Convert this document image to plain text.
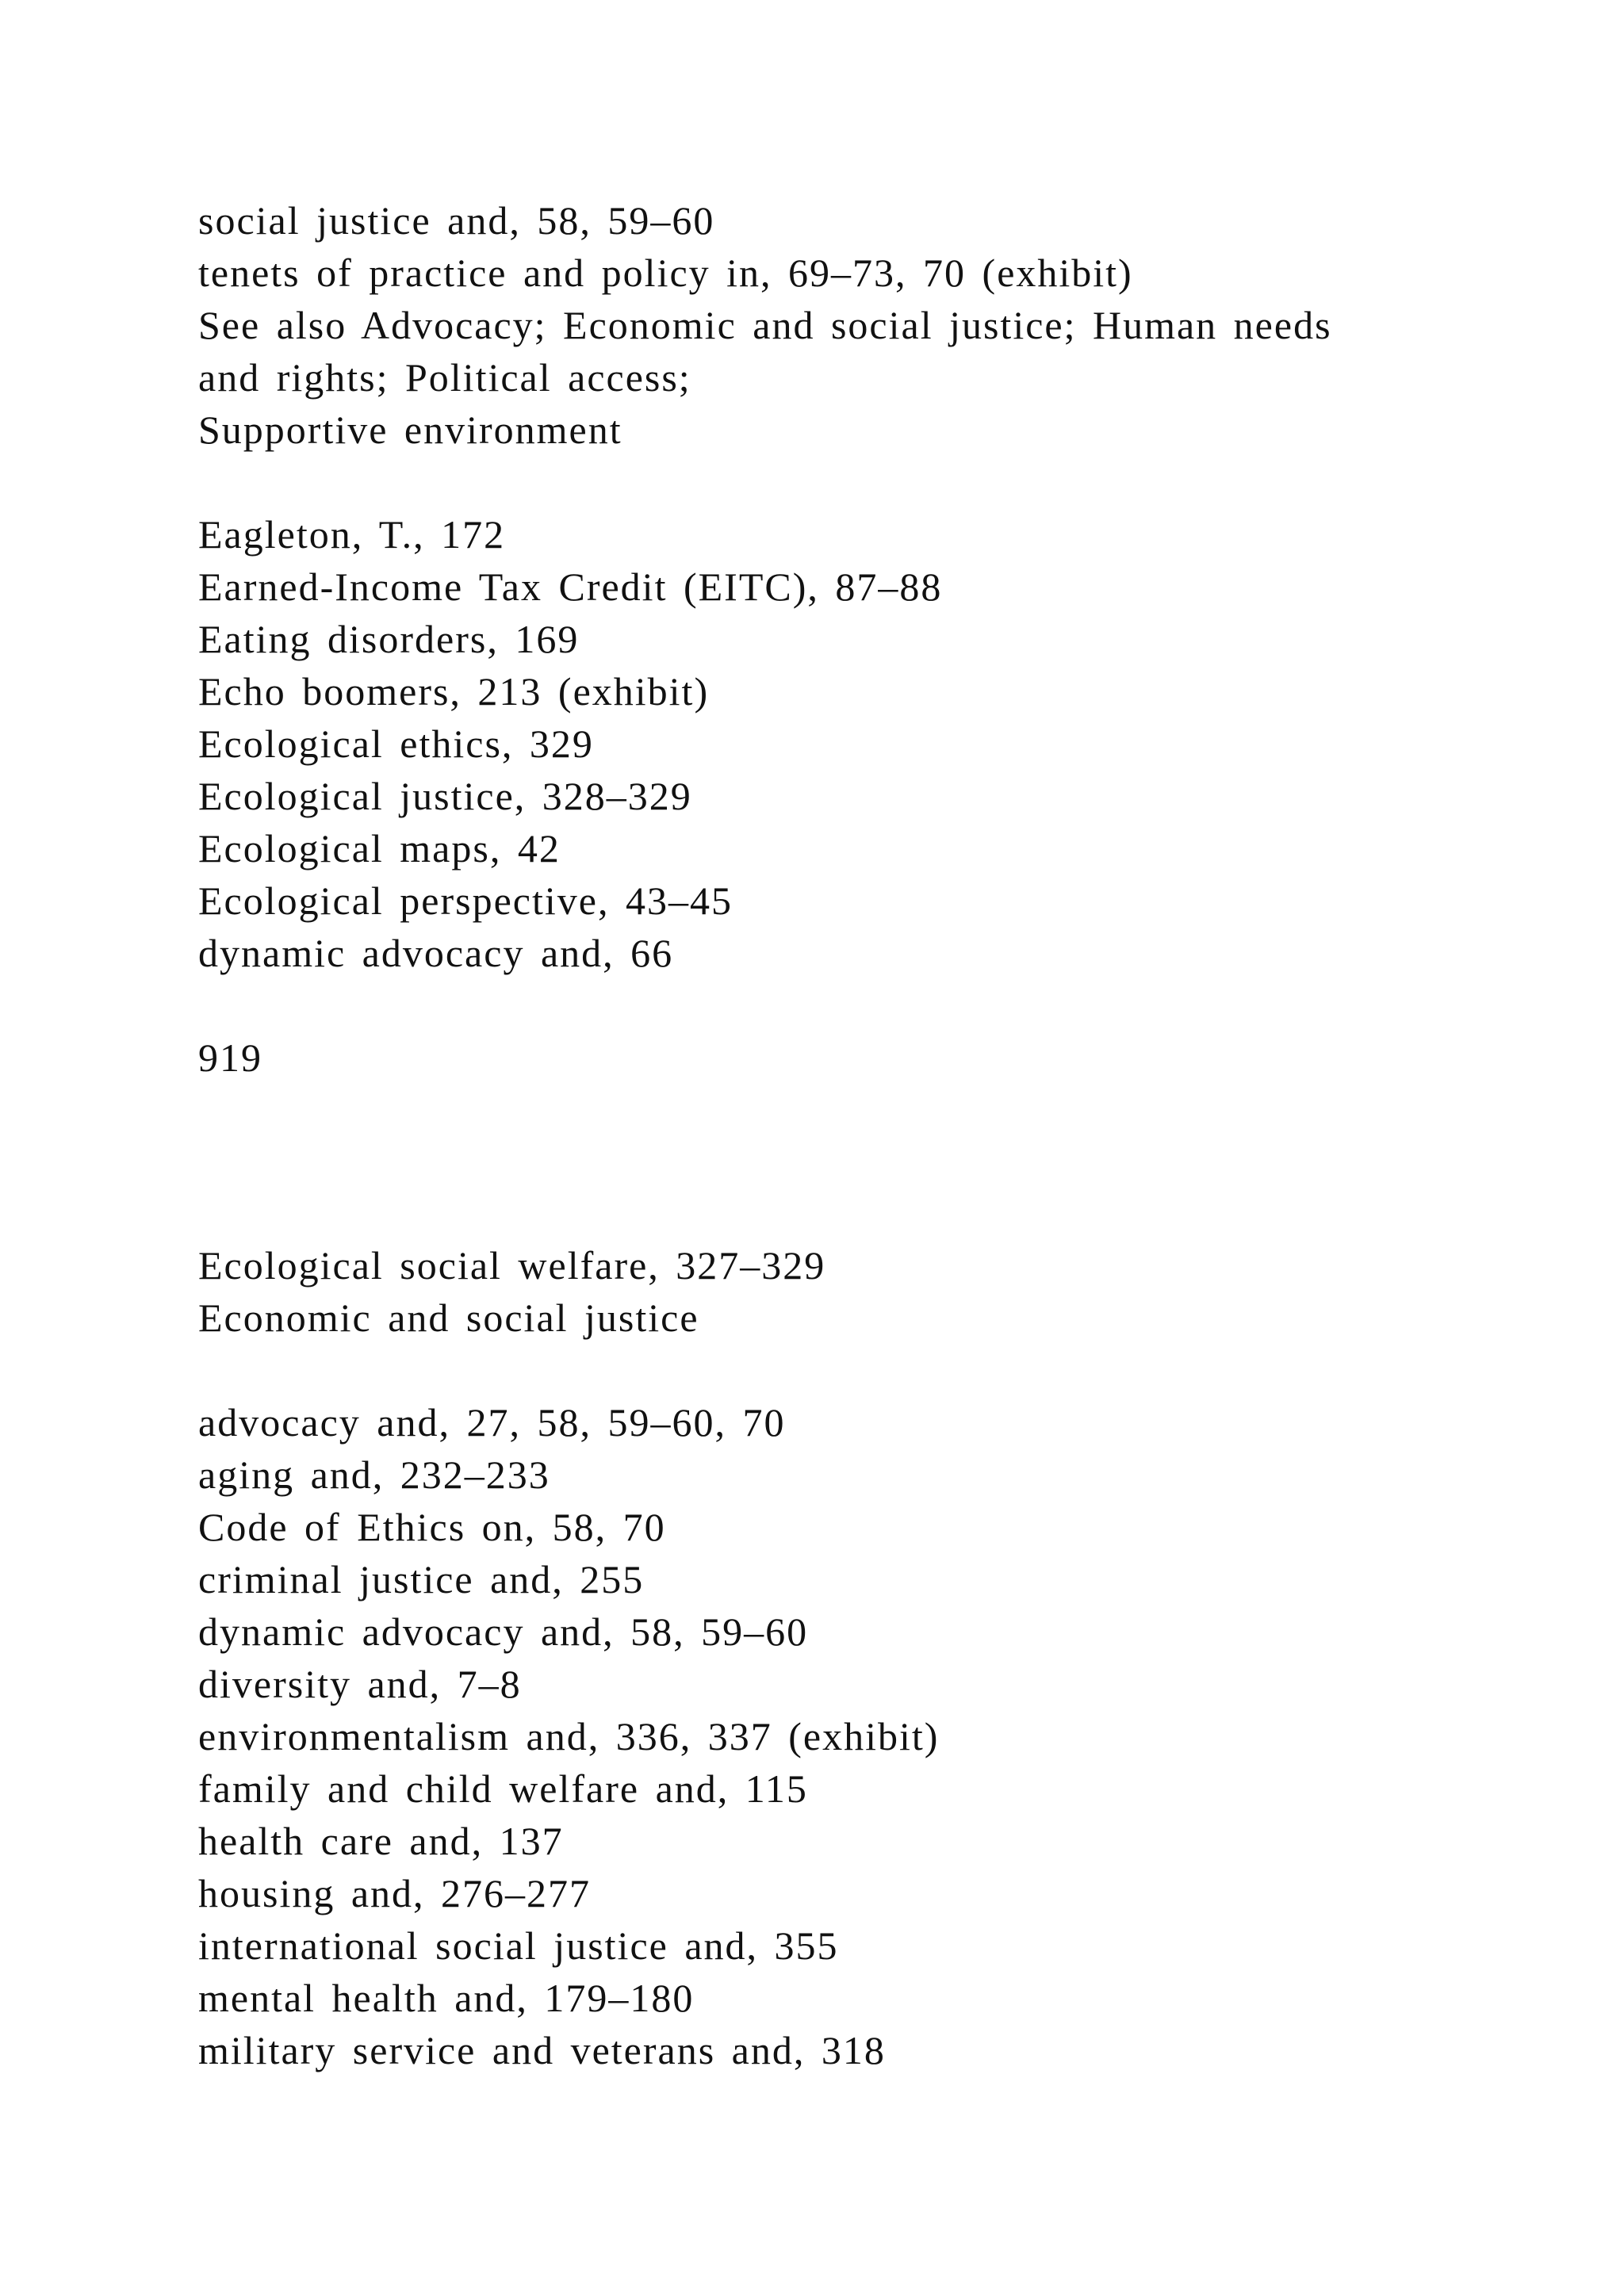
social justice and, 58, 59–60

tenets of practice and policy in, 69–73, 70 (exhibit)

See also Advocacy; Economic and social justice; Human needs

and rights; Political access;

Supportive environment

Eagleton, T., 172

Earned-Income Tax Credit (EITC), 87–88

Eating disorders, 169

Echo boomers, 213 (exhibit)

Ecological ethics, 329

Ecological justice, 328–329

Ecological maps, 42

Ecological perspective, 43–45

dynamic advocacy and, 66

919

Ecological social welfare, 327–329

Economic and social justice

advocacy and, 27, 58, 59–60, 70

aging and, 232–233

Code of Ethics on, 58, 70

criminal justice and, 255

dynamic advocacy and, 58, 59–60

diversity and, 7–8

environmentalism and, 336, 337 (exhibit)

family and child welfare and, 115

health care and, 137

housing and, 276–277

international social justice and, 355

mental health and, 179–180

military service and veterans and, 318
